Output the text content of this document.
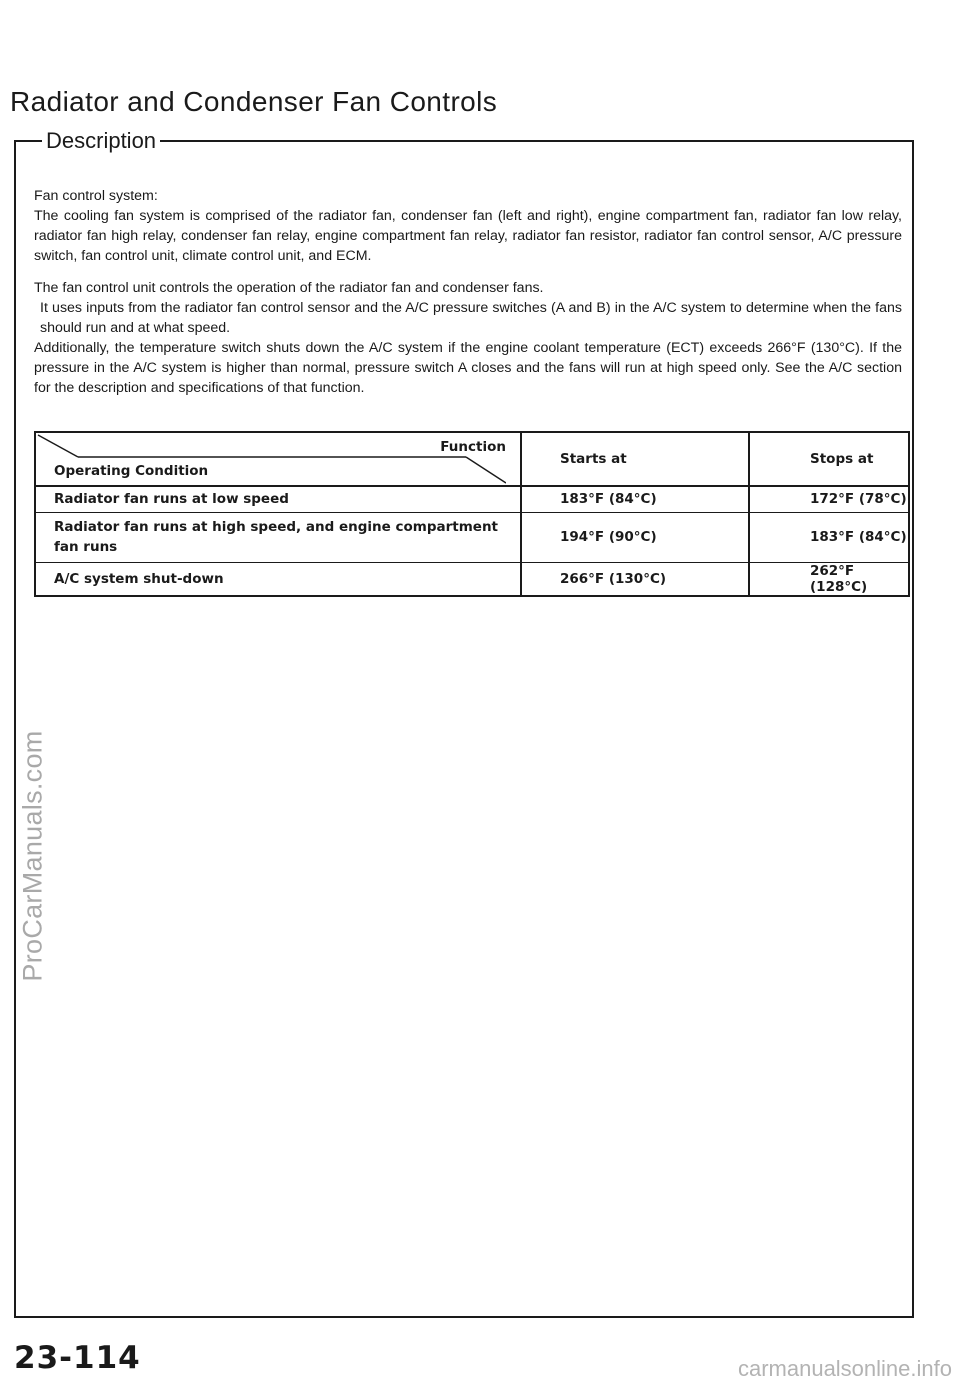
Radiator and Condenser Fan Controls
Description

Fan control system:

The cooling fan system is comprised of the radiator fan, condenser fan (left and right), engine compartment fan, radiator fan low relay, radiator fan high relay, condenser fan relay, engine compartment fan relay, radiator fan resistor, radiator fan control sensor, A/C pressure switch, fan control unit, climate control unit, and ECM.

The fan control unit controls the operation of the radiator fan and condenser fans.

It uses inputs from the radiator fan control sensor and the A/C pressure switches (A and B) in the A/C system to determine when the fans should run and at what speed.

Additionally, the temperature switch shuts down the A/C system if the engine coolant temperature (ECT) exceeds 266°F (130°C). If the pressure in the A/C system is higher than normal, pressure switch A closes and the fans will run at high speed only. See the A/C section for the description and specifications of that function.

Function
Operating Condition	Starts at	Stops at
Radiator fan runs at low speed	183°F (84°C)	172°F (78°C)
Radiator fan runs at high speed, and engine compartment fan runs	194°F (90°C)	183°F (84°C)
A/C system shut-down	266°F (130°C)	262°F (128°C)
ProCarManuals.com
23-114	carmanualsonline.info
